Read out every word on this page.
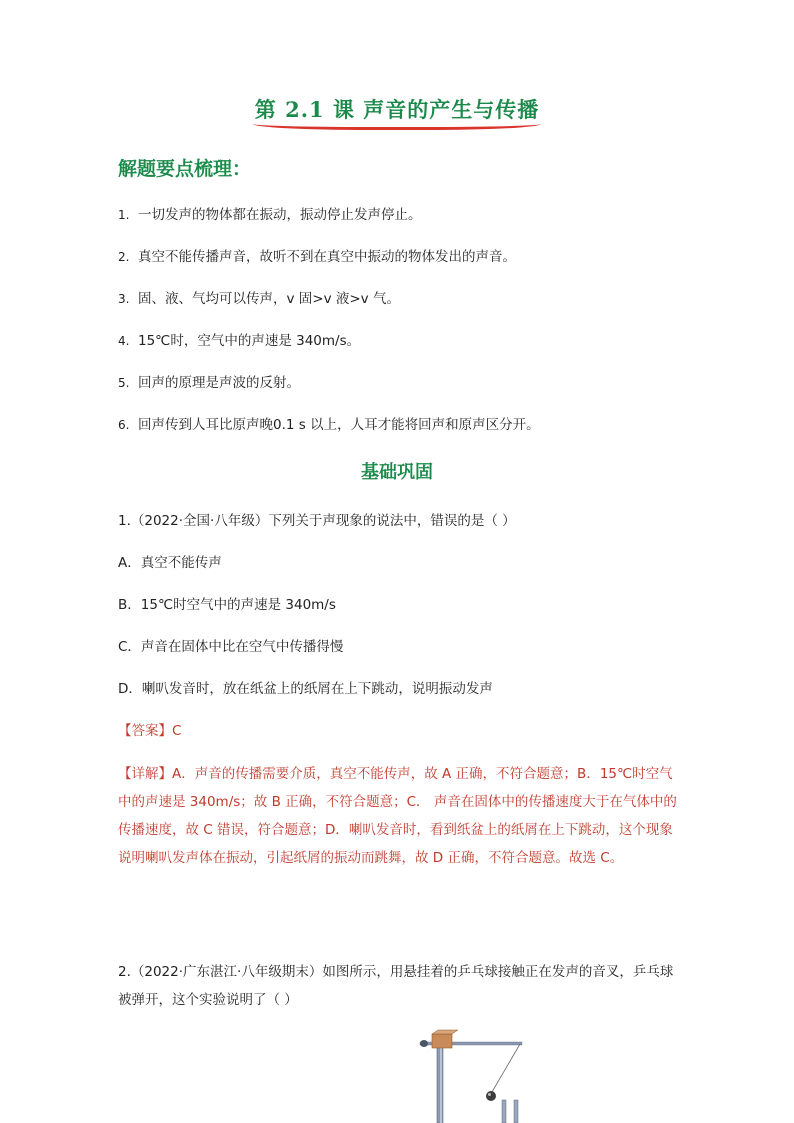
第 2.1 课 声音的产生与传播
解题要点梳理：
1. 一切发声的物体都在振动，振动停止发声停止。
2. 真空不能传播声音，故听不到在真空中振动的物体发出的声音。
3. 固、液、气均可以传声，v 固>v 液>v 气。
4. 15℃时，空气中的声速是 340m/s。
5. 回声的原理是声波的反射。
6. 回声传到人耳比原声晚0.1 s 以上，人耳才能将回声和原声区分开。
基础巩固
1.（2022·全国·八年级）下列关于声现象的说法中，错误的是（ ）
A．真空不能传声
B．15℃时空气中的声速是 340m/s
C．声音在固体中比在空气中传播得慢
D．喇叭发音时，放在纸盆上的纸屑在上下跳动，说明振动发声
【答案】C
【详解】A．声音的传播需要介质，真空不能传声，故 A 正确，不符合题意；B．15℃时空气中的声速是 340m/s；故 B 正确，不符合题意；C． 声音在固体中的传播速度大于在气体中的传播速度，故 C 错误，符合题意；D．喇叭发音时，看到纸盆上的纸屑在上下跳动，这个现象说明喇叭发声体在振动，引起纸屑的振动而跳舞，故 D 正确，不符合题意。故选 C。
2.（2022·广东湛江·八年级期末）如图所示，用悬挂着的乒乓球接触正在发声的音叉，乒乓球被弹开，这个实验说明了（ ）
